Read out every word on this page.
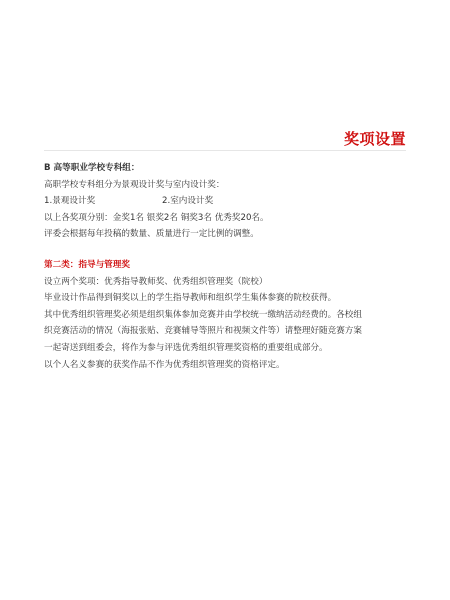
奖项设置
B 高等职业学校专科组：
高职学校专科组分为景观设计奖与室内设计奖：
1.景观设计奖	2.室内设计奖
以上各奖项分别：金奖1名 银奖2名 铜奖3名 优秀奖20名。
评委会根据每年投稿的数量、质量进行一定比例的调整。
第二类：指导与管理奖
设立两个奖项：优秀指导教师奖、优秀组织管理奖（院校）
毕业设计作品得到铜奖以上的学生指导教师和组织学生集体参赛的院校获得。
其中优秀组织管理奖必须是组织集体参加竞赛并由学校统一缴纳活动经费的。各校组
织竞赛活动的情况（海报张贴、竞赛辅导等照片和视频文件等）请整理好随竞赛方案
一起寄送到组委会，将作为参与评选优秀组织管理奖资格的重要组成部分。
以个人名义参赛的获奖作品不作为优秀组织管理奖的资格评定。
